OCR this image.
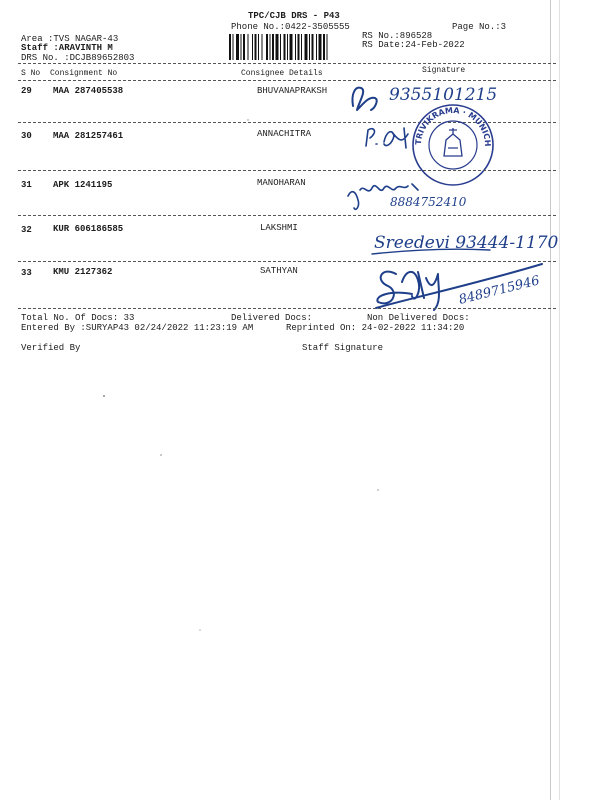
TPC/CJB DRS - P43
Phone No.:0422-3505555	Page No.:3
Area :TVS NAGAR-43
Staff :ARAVINTH M
DRS No. :DCJB89652803
RS No.:896528
RS Date:24-Feb-2022
S No Consignment No	Consignee Details	Signature
29 MAA 287405538	BHUVANAPRAKSH	9355101215
30 MAA 281257461	ANNACHITRA
TRIVIKRAMA · MUNICH
31 APK 1241195	MANOHARAN
8884752410
32 KUR 606186585	LAKSHMI
Sreedevi 93444-1170
33 KMU 2127362	SATHYAN
8489715946
Total No. Of Docs: 33	Delivered Docs:	Non Delivered Docs:
Entered By :SURYAP43 02/24/2022 11:23:19 AM	Reprinted On: 24-02-2022 11:34:20
Verified By	Staff Signature
